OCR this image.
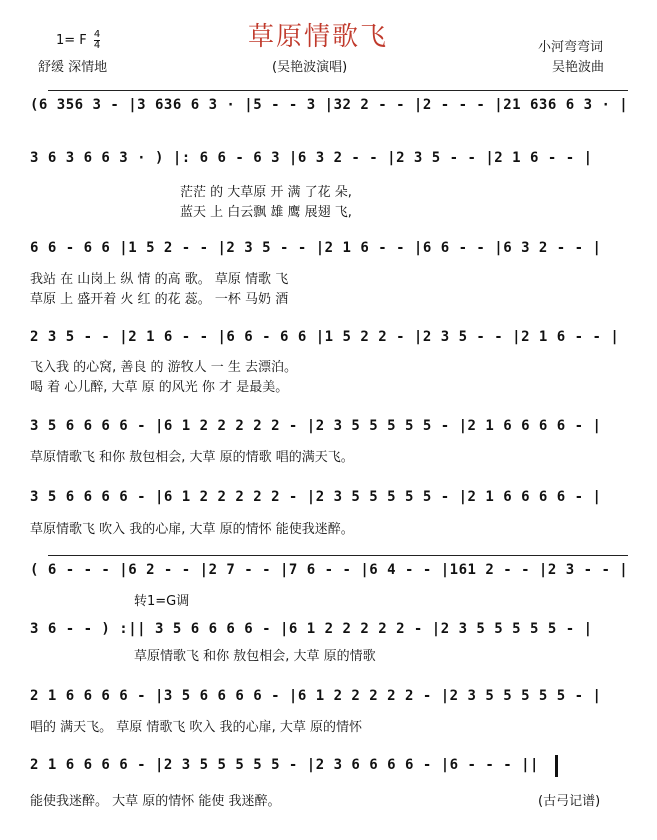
1= F $\frac{4}{4}$
舒缓 深情地
草原情歌飞
(吴艳波演唱)
小河弯弯词
吴艳波曲
(6 356 3 - |3 636 6 3 · |5 - - 3 |32 2 - - |2 - - - |21 636 6 3 · |
3 6 3 6 6 3 · ) |: 6 6 - 6 3 |6 3 2 - - |2 3 5 - - |2 1 6 - - |
茫茫 的 大草原 开 满 了花 朵,
蓝天 上 白云飘 雄 鹰 展翅 飞,
6 6 - 6 6 |1 5 2 - - |2 3 5 - - |2 1 6 - - |6 6 - - |6 3 2 - - |
我站 在 山岗上 纵 情 的高 歌。 草原 情歌 飞
草原 上 盛开着 火 红 的花 蕊。 一杯 马奶 酒
2 3 5 - - |2 1 6 - - |6 6 - 6 6 |1 5 2 2 - |2 3 5 - - |2 1 6 - - |
飞入我 的心窝, 善良 的 游牧人 一 生 去漂泊。
喝 着 心儿醉, 大草 原 的风光 你 才 是最美。
3 5 6 6 6 6 - |6 1 2 2 2 2 2 - |2 3 5 5 5 5 5 - |2 1 6 6 6 6 - |
草原情歌飞 和你 敖包相会, 大草 原的情歌 唱的满天飞。
3 5 6 6 6 6 - |6 1 2 2 2 2 2 - |2 3 5 5 5 5 5 - |2 1 6 6 6 6 - |
草原情歌飞 吹入 我的心扉, 大草 原的情怀 能使我迷醉。
( 6 - - - |6 2 - - |2 7 - - |7 6 - - |6 4 - - |161 2 - - |2 3 - - |
转1=G调
3 6 - - ) :|| 3 5 6 6 6 6 - |6 1 2 2 2 2 2 - |2 3 5 5 5 5 5 - |
草原情歌飞 和你 敖包相会, 大草 原的情歌
2 1 6 6 6 6 - |3 5 6 6 6 6 - |6 1 2 2 2 2 2 - |2 3 5 5 5 5 5 - |
唱的 满天飞。 草原 情歌飞 吹入 我的心扉, 大草 原的情怀
2 1 6 6 6 6 - |2 3 5 5 5 5 5 - |2 3 6 6 6 6 - |6 - - - ||
能使我迷醉。 大草 原的情怀 能使 我迷醉。	(古弓记谱)
